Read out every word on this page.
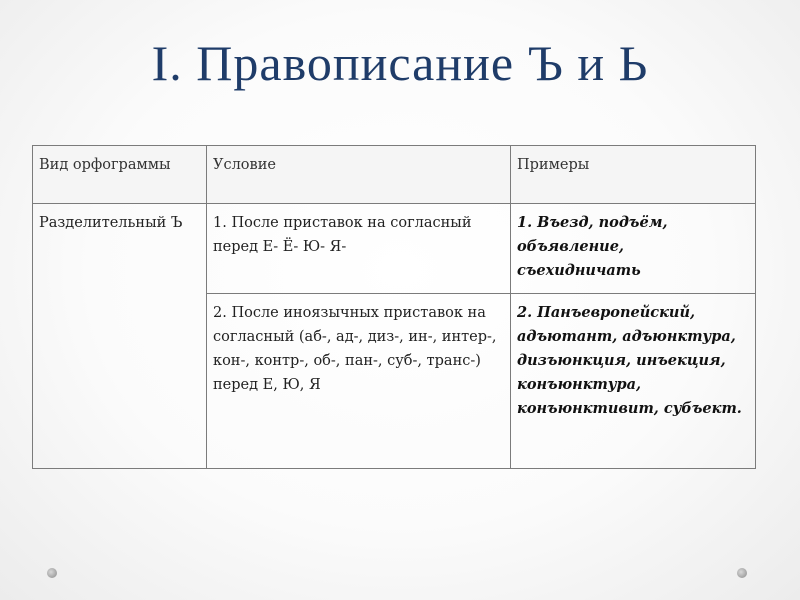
I. Правописание Ъ и Ь
Вид орфограммы	Условие	Примеры
Разделительный Ъ	1. После приставок на согласный перед Е- Ё- Ю- Я-	1. Въезд, подъём, объявление, съехидничать
	2. После иноязычных приставок на согласный (аб-, ад-, диз-, ин-, интер-, кон-, контр-, об-, пан-, суб-, транс-) перед Е, Ю, Я	2. Панъевропейский, адъютант, адъюнктура, дизъюнкция, инъекция, конъюнктура, конъюнктивит, субъект.
